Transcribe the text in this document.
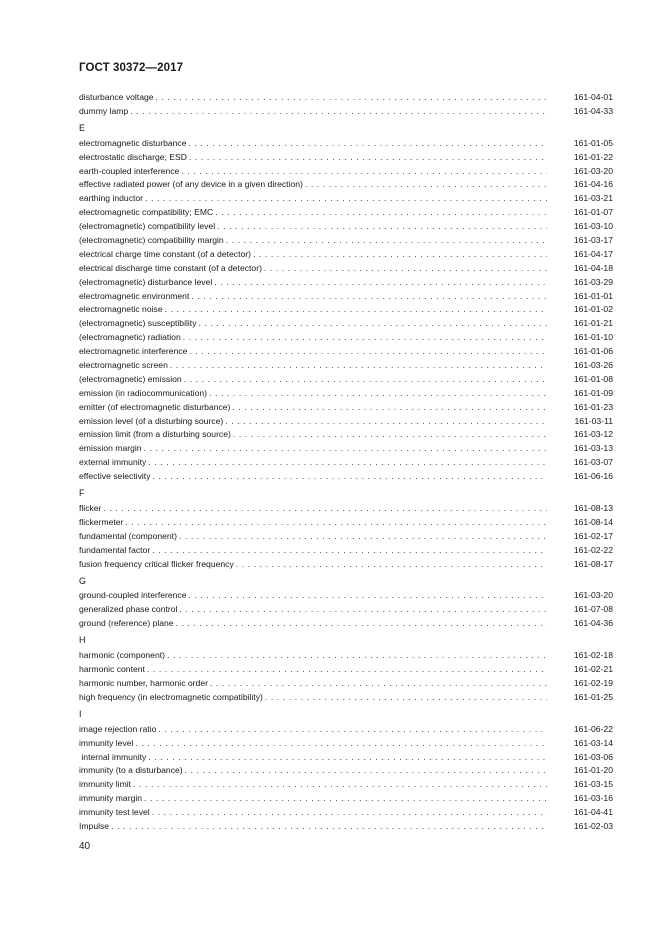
ГОСТ 30372—2017
disturbance voltage . . .	161-04-01
dummy lamp . . .	161-04-33
E
electromagnetic disturbance . . .	161-01-05
electrostatic discharge; ESD . . .	161-01-22
earth-coupled interference . . .	161-03-20
effective radiated power (of any device in a given direction) . . .	161-04-16
earthing inductor . . .	161-03-21
electromagnetic compatibility; EMC . . .	161-01-07
(electromagnetic) compatibility level . . .	161-03-10
(electromagnetic) compatibility margin . . .	161-03-17
electrical charge time constant (of a detector) . . .	161-04-17
electrical discharge time constant (of a detector) . . .	161-04-18
(electromagnetic) disturbance level . . .	161-03-29
electromagnetic environment . . .	161-01-01
electromagnetic noise . . .	161-01-02
(electromagnetic) susceptibility . . .	161-01-21
(electromagnetic) radiation . . .	161-01-10
electromagnetic interference . . .	161-01-06
electromagnetic screen . . .	161-03-26
(electromagnetic) emission . . .	161-01-08
emission (in radiocommunication) . . .	161-01-09
emitter (of electromagnetic disturbance) . . .	161-01-23
emission level (of a disturbing source) . . .	161-03-11
emission limit (from a disturbing source) . . .	161-03-12
emission margin . . .	161-03-13
external immunity . . .	161-03-07
effective selectivity . . .	161-06-16
F
flicker . . .	161-08-13
flickermeter . . .	161-08-14
fundamental (component) . . .	161-02-17
fundamental factor . . .	161-02-22
fusion frequency critical flicker frequency . . .	161-08-17
G
ground-coupled interference . . .	161-03-20
generalized phase control . . .	161-07-08
ground (reference) plane . . .	161-04-36
H
harmonic (component) . . .	161-02-18
harmonic content . . .	161-02-21
harmonic number, harmonic order . . .	161-02-19
high frequency (in electromagnetic compatibility) . . .	161-01-25
I
image rejection ratio . . .	161-06-22
immunity level . . .	161-03-14
internal immunity . . .	161-03-06
immunity (to a disturbance) . . .	161-01-20
immunity limit . . .	161-03-15
immunity margin . . .	161-03-16
immunity test level . . .	161-04-41
Impulse . . .	161-02-03
40
